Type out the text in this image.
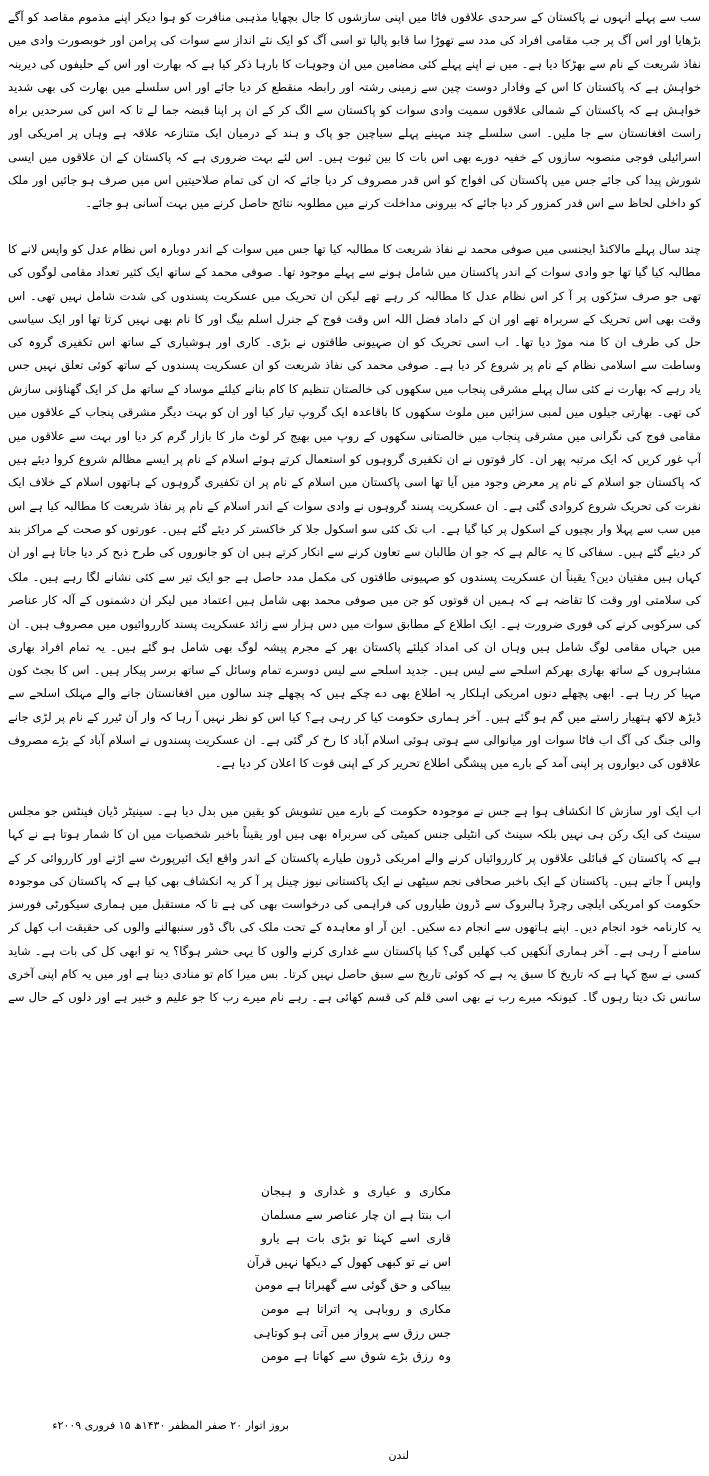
سب سے پہلے انہوں نے پاکستان کے سرحدی علاقوں فاٹا میں اپنی سازشوں کا جال بچھایا مذہبی منافرت کو ہوا دیکر اپنے مذموم مقاصد کو آگے بڑھایا اور اس آگ پر جب مقامی افراد کی مدد سے تھوڑا سا قابو پالیا تو اسی آگ کو ایک نئے انداز سے سوات کی پرامن اور خوبصورت وادی میں نفاذ شریعت کے نام سے بھڑکا دیا ہے۔ میں نے اپنے پہلے کئی مضامین میں ان وجوہات کا بارہا ذکر کیا ہے کہ بھارت اور اس کے حلیفوں کی دیرینہ خواہش ہے کہ پاکستان کا اس کے وفادار دوست چین سے زمینی رشتہ اور رابطہ منقطع کر دیا جائے اور اس سلسلے میں بھارت کی بھی شدید خواہش ہے کہ پاکستان کے شمالی علاقوں سمیت وادی سوات کو پاکستان سے الگ کر کے ان پر اپنا قبضہ جما لے تا کہ اس کی سرحدیں براہ راست افغانستان سے جا ملیں۔ اسی سلسلے چند مہینے پہلے سیاچین جو پاک و ہند کے درمیان ایک متنازعہ علاقہ ہے وہاں پر امریکی اور اسرائیلی فوجی منصوبہ سازوں کے خفیہ دورے بھی اس بات کا بین ثبوت ہیں۔ اس لئے بہت ضروری ہے کہ پاکستان کے ان علاقوں میں ایسی شورش پیدا کی جائے جس میں پاکستان کی افواج کو اس قدر مصروف کر دیا جائے کہ ان کی تمام صلاحیتیں اس میں صرف ہو جائیں اور ملک کو داخلی لحاظ سے اس قدر کمزور کر دیا جائے کہ بیرونی مداخلت کرنے میں مطلوبہ نتائج حاصل کرنے میں بہت آسانی ہو جائے۔

چند سال پہلے مالاکنڈ ایجنسی میں صوفی محمد نے نفاذ شریعت کا مطالبہ کیا تھا جس میں سوات کے اندر دوبارہ اس نظام عدل کو واپس لانے کا مطالبہ کیا گیا تھا جو وادی سوات کے اندر پاکستان میں شامل ہونے سے پہلے موجود تھا۔ صوفی محمد کے ساتھ ایک کثیر تعداد مقامی لوگوں کی تھی جو صرف سڑکوں پر آ کر اس نظام عدل کا مطالبہ کر رہے تھے لیکن ان تحریک میں عسکریت پسندوں کی شدت شامل نہیں تھی۔ اس وقت بھی اس تحریک کے سربراہ تھے اور ان کے داماد فضل اللہ اس وقت فوج کے جنرل اسلم بیگ اور کا نام بھی نہیں کرتا تھا اور ایک سیاسی حل کی طرف ان کا منہ موڑ دیا تھا۔ اب اسی تحریک کو ان صہیونی طاقتوں نے بڑی۔ کاری اور ہوشیاری کے ساتھ اس تکفیری گروہ کی وساطت سے اسلامی نظام کے نام پر شروع کر دیا ہے۔ صوفی محمد کی نفاذ شریعت کو ان عسکریت پسندوں کے ساتھ کوئی تعلق نہیں جس

یاد رہے کہ بھارت نے کئی سال پہلے مشرقی پنجاب میں سکھوں کی خالصتان تنظیم کا کام بنانے کیلئے موساد کے ساتھ مل کر ایک گھناؤنی سازش کی تھی۔ بھارتی جیلوں میں لمبی سزائیں میں ملوث سکھوں کا باقاعدہ ایک گروپ تیار کیا اور ان کو بہت دیگر مشرقی پنجاب کے علاقوں میں مقامی فوج کی نگرانی میں مشرقی پنجاب میں خالصتانی سکھوں کے روپ میں بھیج کر لوٹ مار کا بازار گرم کر دیا اور بہت سے علاقوں میں

آپ غور کریں کہ ایک مرتبہ پھر ان۔ کار قوتوں نے ان تکفیری گروہوں کو استعمال کرتے ہوئے اسلام کے نام پر ایسے مظالم شروع کروا دیئے ہیں کہ پاکستان جو اسلام کے نام پر معرض وجود میں آیا تھا اسی پاکستان میں اسلام کے نام پر ان تکفیری گروہوں کے ہاتھوں اسلام کے خلاف ایک نفرت کی تحریک شروع کروادی گئی ہے۔ ان عسکریت پسند گروہوں نے وادی سوات کے اندر اسلام کے نام پر نفاذ شریعت کا مطالبہ کیا ہے اس میں سب سے پہلا وار بچیوں کے اسکول پر کیا گیا ہے۔ اب تک کئی سو اسکول جلا کر خاکستر کر دیئے گئے ہیں۔ عورتوں کو صحت کے مراکز بند کر دیئے گئے ہیں۔ سفاکی کا یہ عالم ہے کہ جو ان طالبان سے تعاون کرنے سے انکار کرتے ہیں ان کو جانوروں کی طرح ذبح کر دیا جاتا ہے اور ان

کہاں ہیں مفتیان دین؟ یقیناً ان عسکریت پسندوں کو صہیونی طاقتوں کی مکمل مدد حاصل ہے جو ایک تیر سے کئی نشانے لگا رہے ہیں۔ ملک کی سلامتی اور وقت کا تقاضہ ہے کہ ہمیں ان قوتوں کو جن میں صوفی محمد بھی شامل ہیں اعتماد میں لیکر ان دشمنوں کے آلہ کار عناصر کی سرکوبی کرنے کی فوری ضرورت ہے۔ ایک اطلاع کے مطابق سوات میں دس ہزار سے زائد عسکریت پسند کارروائیوں میں مصروف ہیں۔ ان میں جہاں مقامی لوگ شامل ہیں وہاں ان کی امداد کیلئے پاکستان بھر کے مجرم پیشہ لوگ بھی شامل ہو گئے ہیں۔ یہ تمام افراد بھاری مشاہروں کے ساتھ بھاری بھرکم اسلحے سے لیس ہیں۔ جدید اسلحے سے لیس دوسرے تمام وسائل کے ساتھ برسر پیکار ہیں۔ اس کا بجٹ کون مہیا کر رہا ہے۔ ابھی پچھلے دنوں امریکی اہلکار یہ اطلاع بھی دے چکے ہیں کہ پچھلے چند سالوں میں افغانستان جانے والے مہلک اسلحے سے ڈیڑھ لاکھ ہتھیار راستے میں گم ہو گئے ہیں۔ آخر ہماری حکومت کیا کر رہی ہے؟ کیا اس کو نظر نہیں آ رہا کہ وار آن ٹیرر کے نام پر لڑی جانے والی جنگ کی آگ اب فاٹا سوات اور میانوالی سے ہوتی ہوئی اسلام آباد کا رخ کر گئی ہے۔ ان عسکریت پسندوں نے اسلام آباد کے بڑے مصروف علاقوں کی دیواروں پر اپنی آمد کے بارے میں پیشگی اطلاع تحریر کر کے اپنی قوت کا اعلان کر دیا ہے۔

اب ایک اور سازش کا انکشاف ہوا ہے جس نے موجودہ حکومت کے بارے میں تشویش کو یقین میں بدل دیا ہے۔ سینیٹر ڈیان فینٹس جو مجلس سینٹ کی ایک رکن ہی نہیں بلکہ سینٹ کی انٹیلی جنس کمیٹی کی سربراہ بھی ہیں اور یقیناً باخبر شخصیات میں ان کا شمار ہوتا ہے نے کہا ہے کہ پاکستان کے قبائلی علاقوں پر کارروائیاں کرنے والے امریکی ڈرون طیارے پاکستان کے اندر واقع ایک ائیرپورٹ سے اڑتے اور کارروائی کر کے واپس آ جاتے ہیں۔ پاکستان کے ایک باخبر صحافی نجم سیٹھی نے ایک پاکستانی نیوز چینل پر آ کر یہ انکشاف بھی کیا ہے کہ پاکستان کی موجودہ حکومت کو امریکی ایلچی رچرڈ ہالبروک سے ڈرون طیاروں کی فراہمی کی درخواست بھی کی ہے تا کہ مستقبل میں ہماری سیکورٹی فورسز یہ کارنامہ خود انجام دیں۔ اپنے ہاتھوں سے انجام دے سکیں۔ این آر او معاہدہ کے تحت ملک کی باگ ڈور سنبھالنے والوں کی حقیقت اب کھل کر سامنے آ رہی ہے۔ آخر ہماری آنکھیں کب کھلیں گی؟ کیا پاکستان سے غداری کرنے والوں کا یہی حشر ہوگا؟ یہ تو ابھی کل کی بات ہے۔ شاید کسی نے سچ کہا ہے کہ تاریخ کا سبق یہ ہے کہ کوئی تاریخ سے سبق حاصل نہیں کرتا۔ بس میرا کام تو منادی دینا ہے اور میں یہ کام اپنی آخری سانس تک دیتا رہوں گا۔ کیونکہ میرے رب نے بھی اسی قلم کی قسم کھائی ہے۔ رہے نام میرے رب کا جو علیم و خبیر ہے اور دلوں کے حال سے

مکاری و عیاری و غداری و ہیجان
اب بنتا ہے ان چار عناصر سے مسلمان
قاری اسے کہنا تو بڑی بات ہے یارو
اس نے تو کبھی کھول کے دیکھا نہیں قرآن
بیباکی و حق گوئی سے گھبراتا ہے مومن
مکاری و روباہی پہ اتراتا ہے مومن
جس رزق سے پرواز میں آتی ہو کوتاہی
وہ رزق بڑے شوق سے کھاتا ہے مومن
بروز اتوار ۲۰ صفر المظفر ۱۴۳۰ھ ۱۵ فروری ۲۰۰۹ء
لندن
